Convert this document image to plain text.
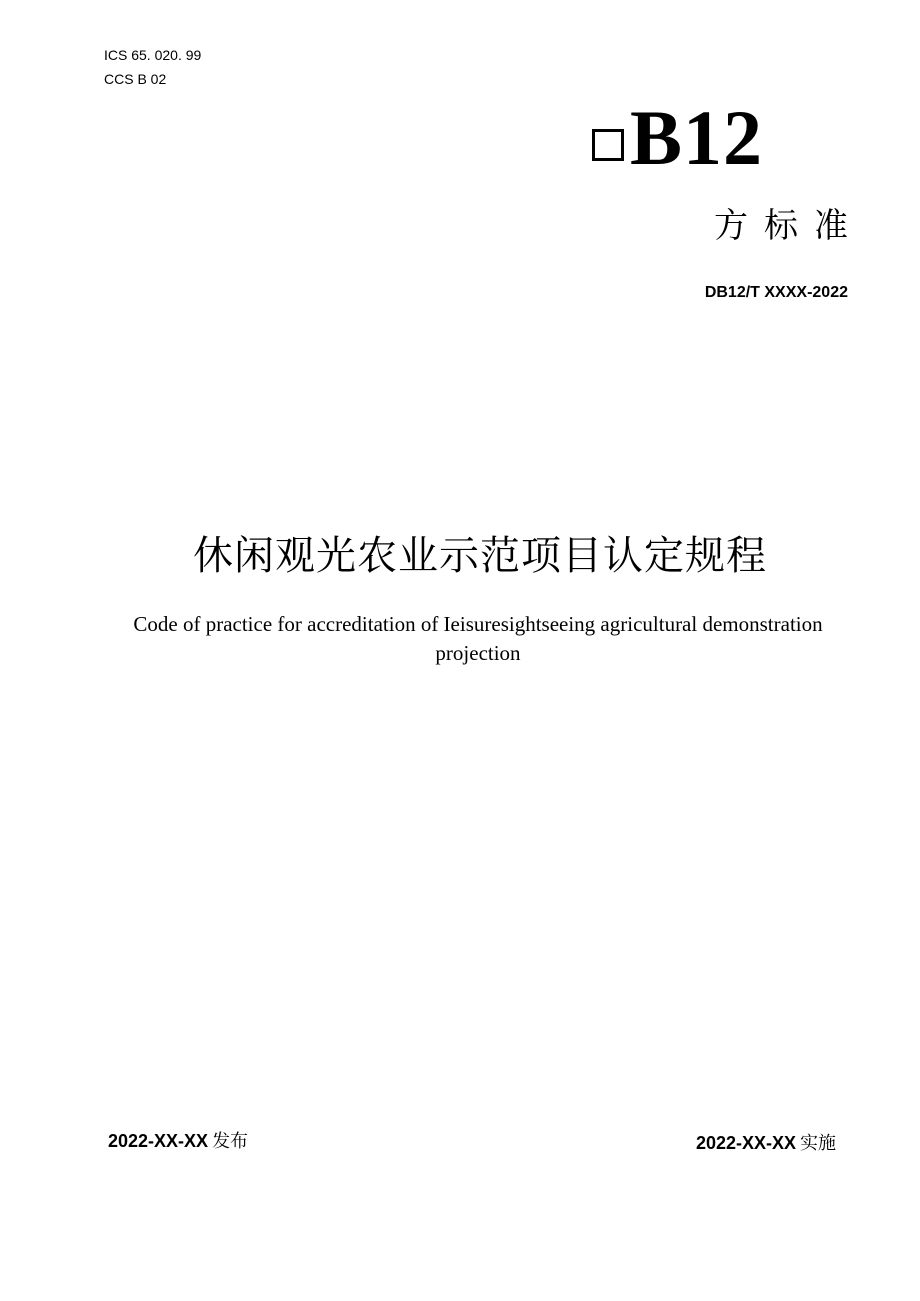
ICS 65. 020. 99
CCS B 02
B12
方标准
DB12/T XXXX-2022
休闲观光农业示范项目认定规程
Code of practice for accreditation of Ieisuresightseeing agricultural demonstration projection
2022-XX-XX 发布	2022-XX-XX 实施
